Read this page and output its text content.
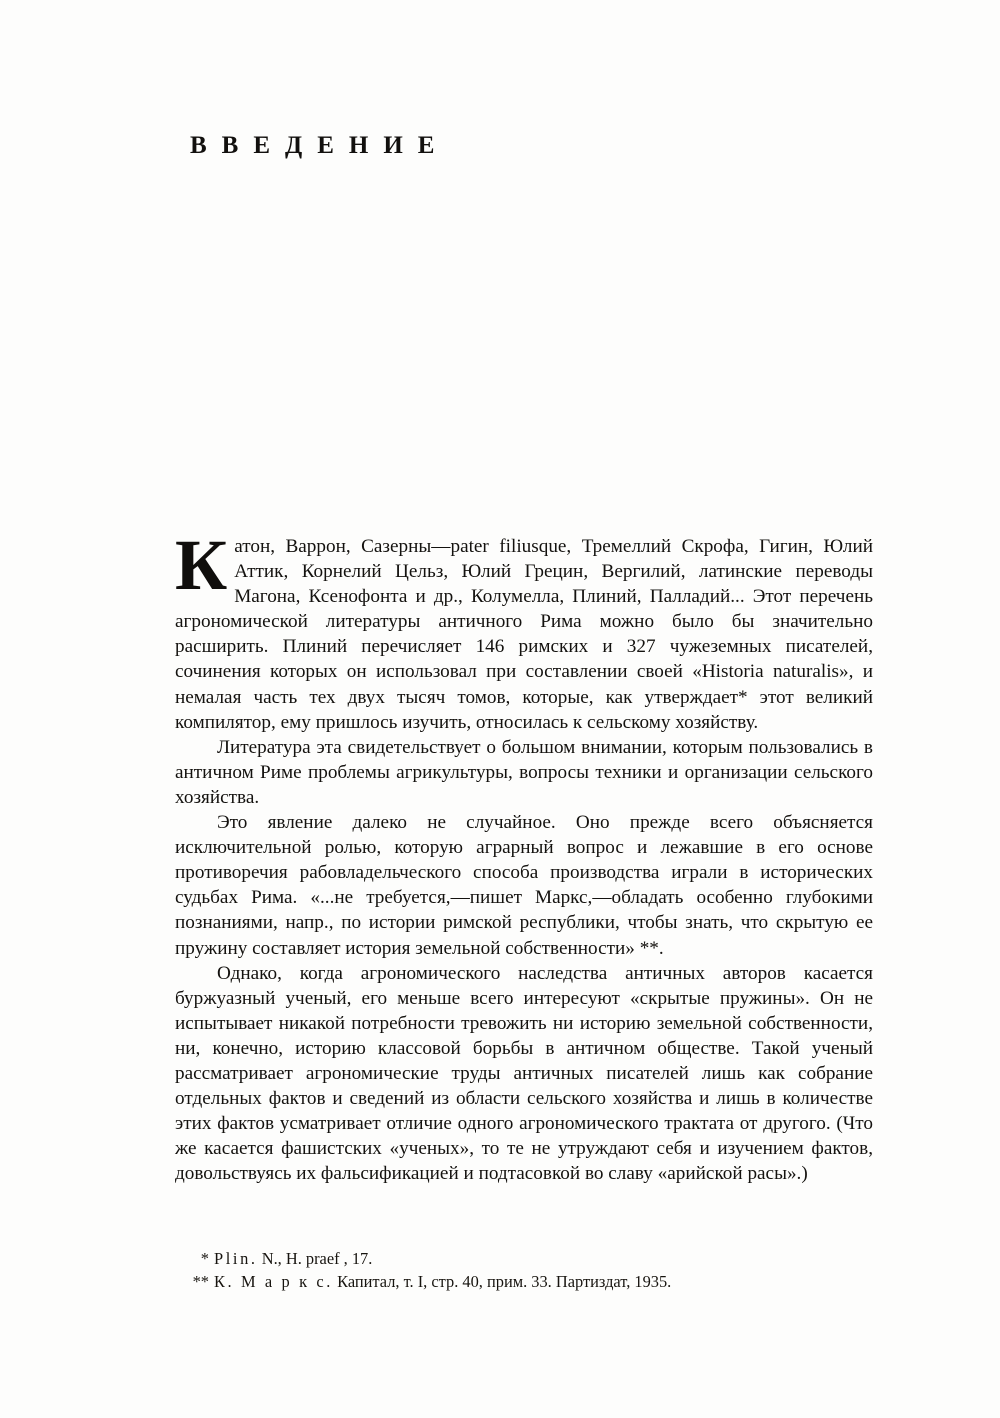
ВВЕДЕНИЕ

Катон, Варрон, Сазерны—pater filiusque, Тремеллий Скрофа, Гигин, Юлий Аттик, Корнелий Цельз, Юлий Грецин, Вергилий, латинские переводы Магона, Ксенофонта и др., Колумелла, Плиний, Палладий... Этот перечень агрономической литературы античного Рима можно было бы значительно расширить. Плиний перечисляет 146 римских и 327 чужеземных писателей, сочинения которых он использовал при составлении своей «Historia naturalis», и немалая часть тех двух тысяч томов, которые, как утверждает* этот великий компилятор, ему пришлось изучить, относилась к сельскому хозяйству.

Литература эта свидетельствует о большом внимании, которым пользовались в античном Риме проблемы агрикультуры, вопросы техники и организации сельского хозяйства.

Это явление далеко не случайное. Оно прежде всего объясняется исключительной ролью, которую аграрный вопрос и лежавшие в его основе противоречия рабовладельческого способа производства играли в исторических судьбах Рима. «...не требуется,—пишет Маркс,—обладать особенно глубокими познаниями, напр., по истории римской республики, чтобы знать, что скрытую ее пружину составляет история земельной собственности» **.

Однако, когда агрономического наследства античных авторов касается буржуазный ученый, его меньше всего интересуют «скрытые пружины». Он не испытывает никакой потребности тревожить ни историю земельной собственности, ни, конечно, историю классовой борьбы в античном обществе. Такой ученый рассматривает агрономические труды античных писателей лишь как собрание отдельных фактов и сведений из области сельского хозяйства и лишь в количестве этих фактов усматривает отличие одного агрономического трактата от другого. (Что же касается фашистских «ученых», то те не утруждают себя и изучением фактов, довольствуясь их фальсификацией и подтасовкой во славу «арийской расы».)

* Plin. N., H. praef , 17.

** К. М а р к с. Капитал, т. I, стр. 40, прим. 33. Партиздат, 1935.
